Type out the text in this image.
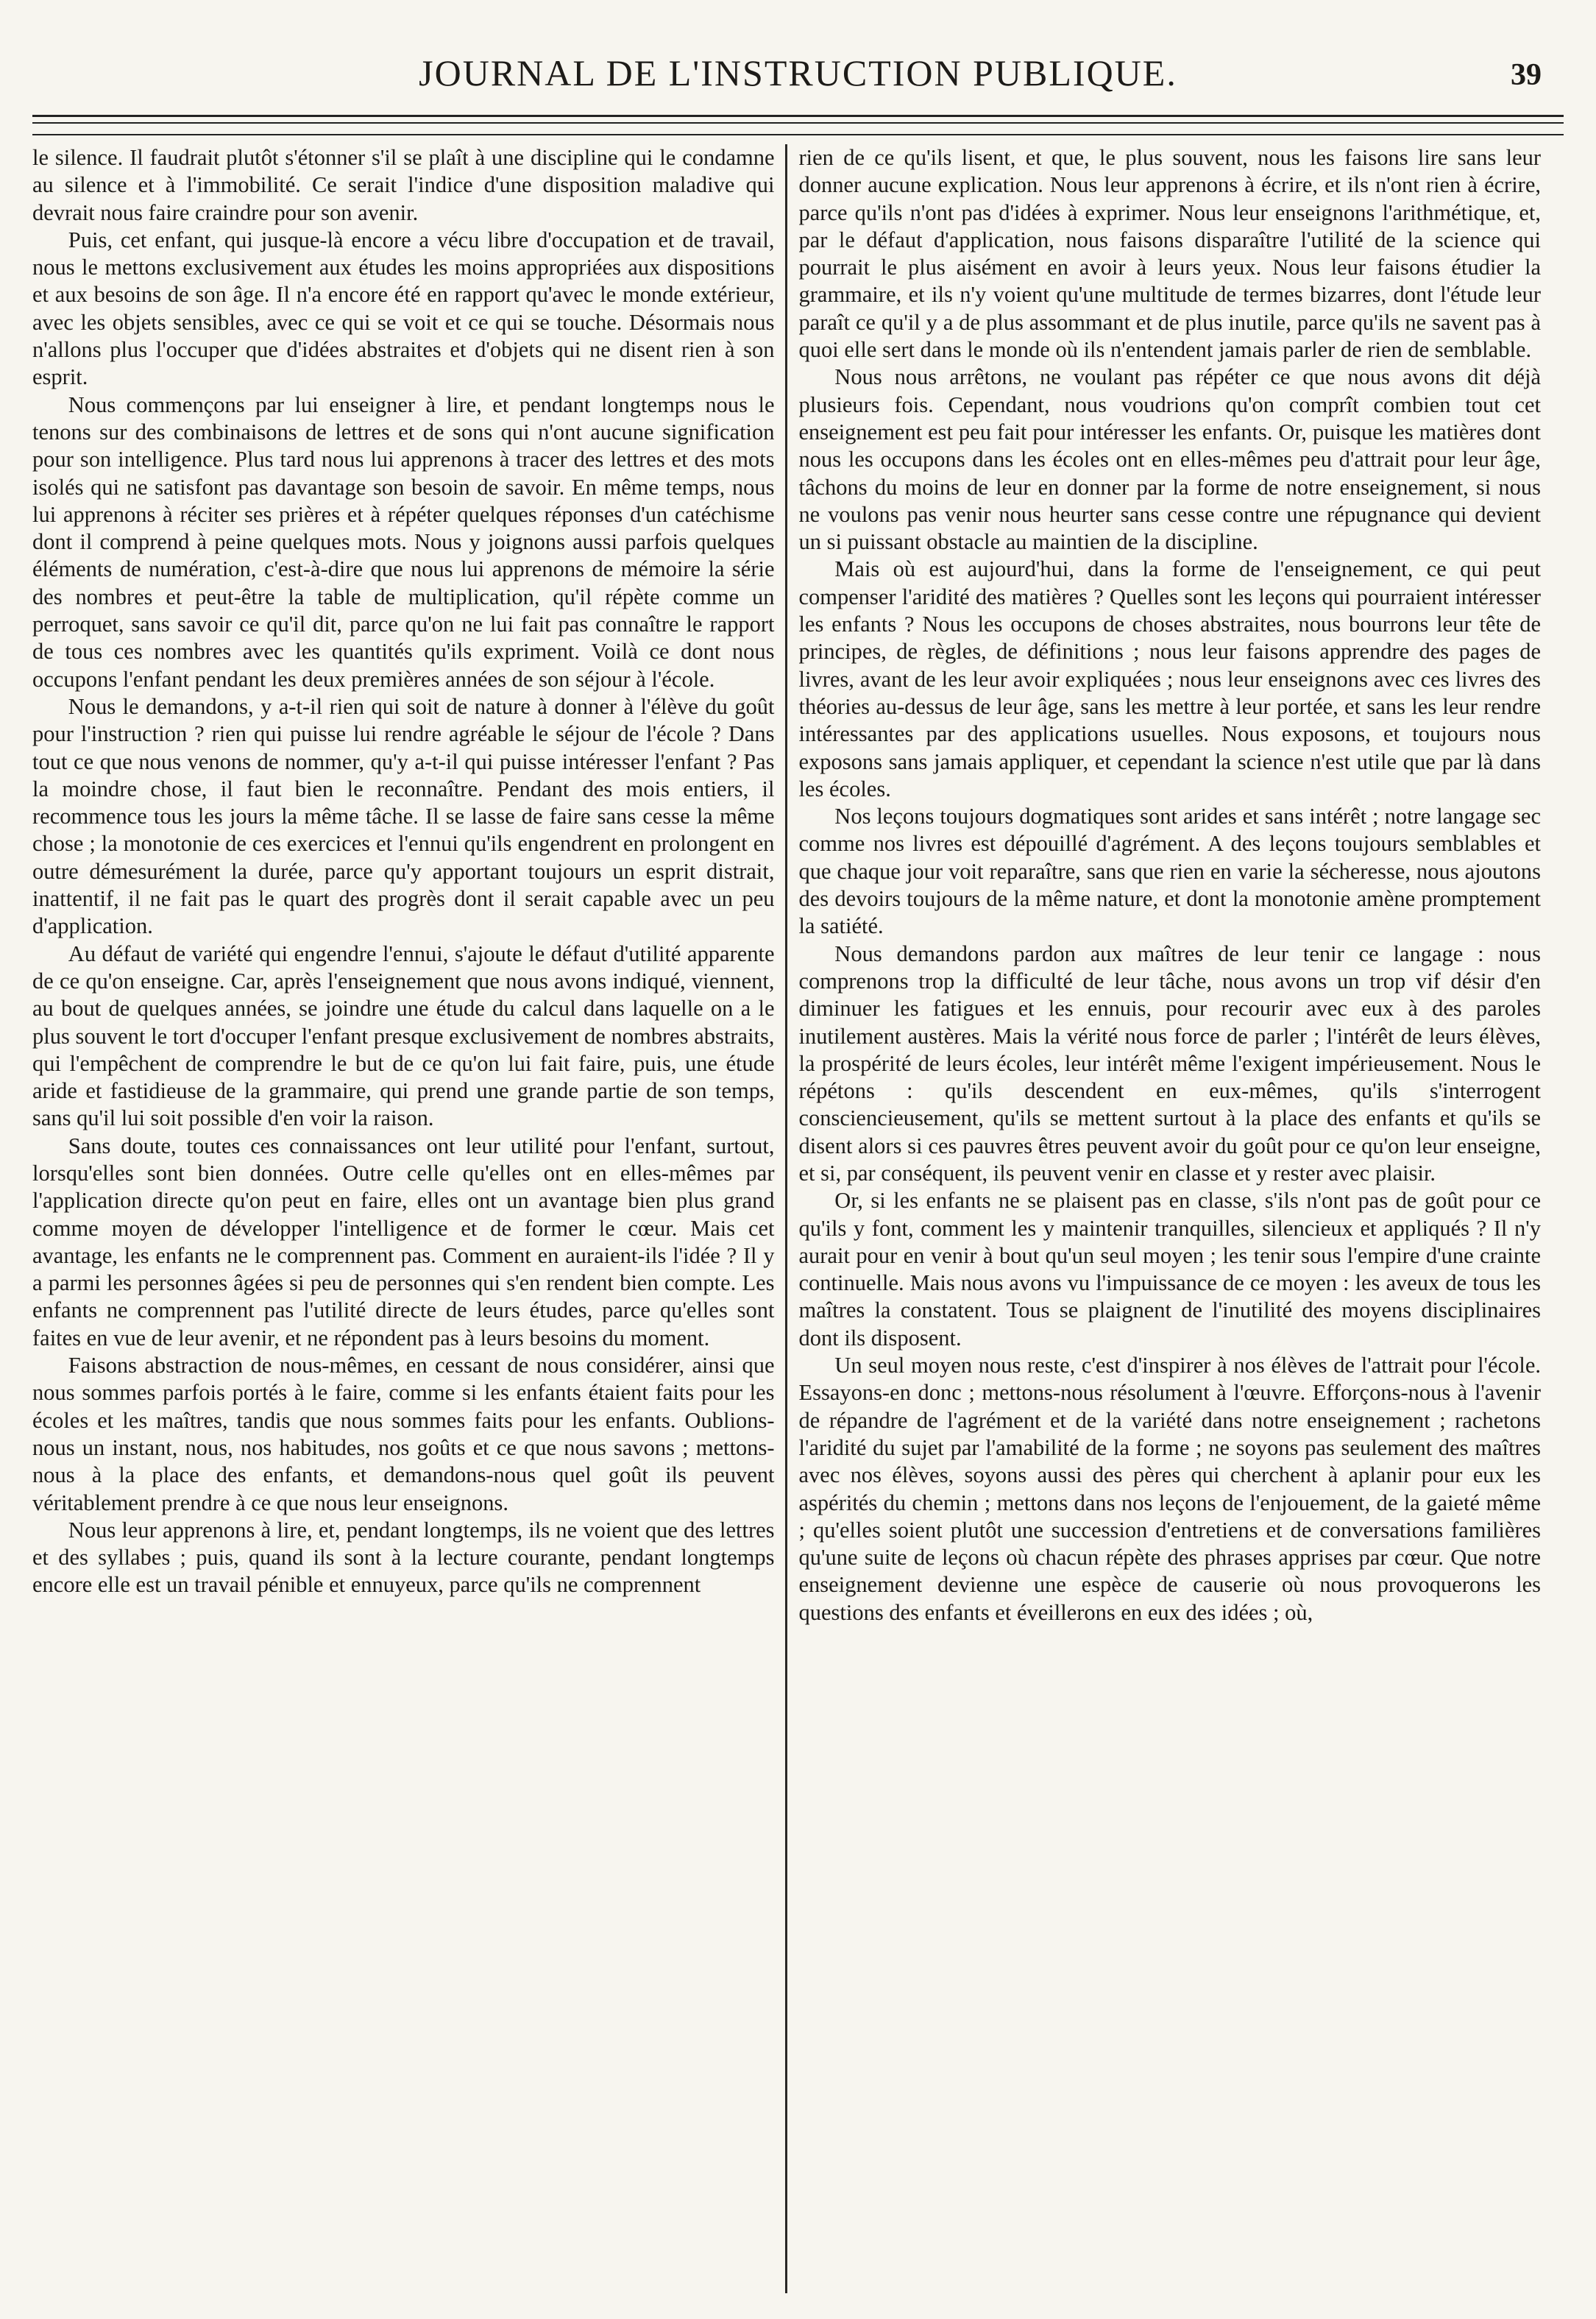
JOURNAL DE L'INSTRUCTION PUBLIQUE.	39

le silence. Il faudrait plutôt s'étonner s'il se plaît à une discipline qui le condamne au silence et à l'immobilité. Ce serait l'indice d'une disposition maladive qui devrait nous faire craindre pour son avenir.

Puis, cet enfant, qui jusque-là encore a vécu libre d'occupation et de travail, nous le mettons exclusivement aux études les moins appropriées aux dispositions et aux besoins de son âge. Il n'a encore été en rapport qu'avec le monde extérieur, avec les objets sensibles, avec ce qui se voit et ce qui se touche. Désormais nous n'allons plus l'occuper que d'idées abstraites et d'objets qui ne disent rien à son esprit.

Nous commençons par lui enseigner à lire, et pendant longtemps nous le tenons sur des combinaisons de lettres et de sons qui n'ont aucune signification pour son intelligence. Plus tard nous lui apprenons à tracer des lettres et des mots isolés qui ne satisfont pas davantage son besoin de savoir. En même temps, nous lui apprenons à réciter ses prières et à répéter quelques réponses d'un catéchisme dont il comprend à peine quelques mots. Nous y joignons aussi parfois quelques éléments de numération, c'est-à-dire que nous lui apprenons de mémoire la série des nombres et peut-être la table de multiplication, qu'il répète comme un perroquet, sans savoir ce qu'il dit, parce qu'on ne lui fait pas connaître le rapport de tous ces nombres avec les quantités qu'ils expriment. Voilà ce dont nous occupons l'enfant pendant les deux premières années de son séjour à l'école.

Nous le demandons, y a-t-il rien qui soit de nature à donner à l'élève du goût pour l'instruction ? rien qui puisse lui rendre agréable le séjour de l'école ? Dans tout ce que nous venons de nommer, qu'y a-t-il qui puisse intéresser l'enfant ? Pas la moindre chose, il faut bien le reconnaître. Pendant des mois entiers, il recommence tous les jours la même tâche. Il se lasse de faire sans cesse la même chose ; la monotonie de ces exercices et l'ennui qu'ils engendrent en prolongent en outre démesurément la durée, parce qu'y apportant toujours un esprit distrait, inattentif, il ne fait pas le quart des progrès dont il serait capable avec un peu d'application.

Au défaut de variété qui engendre l'ennui, s'ajoute le défaut d'utilité apparente de ce qu'on enseigne. Car, après l'enseignement que nous avons indiqué, viennent, au bout de quelques années, se joindre une étude du calcul dans laquelle on a le plus souvent le tort d'occuper l'enfant presque exclusivement de nombres abstraits, qui l'empêchent de comprendre le but de ce qu'on lui fait faire, puis, une étude aride et fastidieuse de la grammaire, qui prend une grande partie de son temps, sans qu'il lui soit possible d'en voir la raison.

Sans doute, toutes ces connaissances ont leur utilité pour l'enfant, surtout, lorsqu'elles sont bien données. Outre celle qu'elles ont en elles-mêmes par l'application directe qu'on peut en faire, elles ont un avantage bien plus grand comme moyen de développer l'intelligence et de former le cœur. Mais cet avantage, les enfants ne le comprennent pas. Comment en auraient-ils l'idée ? Il y a parmi les personnes âgées si peu de personnes qui s'en rendent bien compte. Les enfants ne comprennent pas l'utilité directe de leurs études, parce qu'elles sont faites en vue de leur avenir, et ne répondent pas à leurs besoins du moment.

Faisons abstraction de nous-mêmes, en cessant de nous considérer, ainsi que nous sommes parfois portés à le faire, comme si les enfants étaient faits pour les écoles et les maîtres, tandis que nous sommes faits pour les enfants. Oublions-nous un instant, nous, nos habitudes, nos goûts et ce que nous savons ; mettons-nous à la place des enfants, et demandons-nous quel goût ils peuvent véritablement prendre à ce que nous leur enseignons.

Nous leur apprenons à lire, et, pendant longtemps, ils ne voient que des lettres et des syllabes ; puis, quand ils sont à la lecture courante, pendant longtemps encore elle est un travail pénible et ennuyeux, parce qu'ils ne comprennent

rien de ce qu'ils lisent, et que, le plus souvent, nous les faisons lire sans leur donner aucune explication. Nous leur apprenons à écrire, et ils n'ont rien à écrire, parce qu'ils n'ont pas d'idées à exprimer. Nous leur enseignons l'arithmétique, et, par le défaut d'application, nous faisons disparaître l'utilité de la science qui pourrait le plus aisément en avoir à leurs yeux. Nous leur faisons étudier la grammaire, et ils n'y voient qu'une multitude de termes bizarres, dont l'étude leur paraît ce qu'il y a de plus assommant et de plus inutile, parce qu'ils ne savent pas à quoi elle sert dans le monde où ils n'entendent jamais parler de rien de semblable.

Nous nous arrêtons, ne voulant pas répéter ce que nous avons dit déjà plusieurs fois. Cependant, nous voudrions qu'on comprît combien tout cet enseignement est peu fait pour intéresser les enfants. Or, puisque les matières dont nous les occupons dans les écoles ont en elles-mêmes peu d'attrait pour leur âge, tâchons du moins de leur en donner par la forme de notre enseignement, si nous ne voulons pas venir nous heurter sans cesse contre une répugnance qui devient un si puissant obstacle au maintien de la discipline.

Mais où est aujourd'hui, dans la forme de l'enseignement, ce qui peut compenser l'aridité des matières ? Quelles sont les leçons qui pourraient intéresser les enfants ? Nous les occupons de choses abstraites, nous bourrons leur tête de principes, de règles, de définitions ; nous leur faisons apprendre des pages de livres, avant de les leur avoir expliquées ; nous leur enseignons avec ces livres des théories au-dessus de leur âge, sans les mettre à leur portée, et sans les leur rendre intéressantes par des applications usuelles. Nous exposons, et toujours nous exposons sans jamais appliquer, et cependant la science n'est utile que par là dans les écoles.

Nos leçons toujours dogmatiques sont arides et sans intérêt ; notre langage sec comme nos livres est dépouillé d'agrément. A des leçons toujours semblables et que chaque jour voit reparaître, sans que rien en varie la sécheresse, nous ajoutons des devoirs toujours de la même nature, et dont la monotonie amène promptement la satiété.

Nous demandons pardon aux maîtres de leur tenir ce langage : nous comprenons trop la difficulté de leur tâche, nous avons un trop vif désir d'en diminuer les fatigues et les ennuis, pour recourir avec eux à des paroles inutilement austères. Mais la vérité nous force de parler ; l'intérêt de leurs élèves, la prospérité de leurs écoles, leur intérêt même l'exigent impérieusement. Nous le répétons : qu'ils descendent en eux-mêmes, qu'ils s'interrogent consciencieusement, qu'ils se mettent surtout à la place des enfants et qu'ils se disent alors si ces pauvres êtres peuvent avoir du goût pour ce qu'on leur enseigne, et si, par conséquent, ils peuvent venir en classe et y rester avec plaisir.

Or, si les enfants ne se plaisent pas en classe, s'ils n'ont pas de goût pour ce qu'ils y font, comment les y maintenir tranquilles, silencieux et appliqués ? Il n'y aurait pour en venir à bout qu'un seul moyen ; les tenir sous l'empire d'une crainte continuelle. Mais nous avons vu l'impuissance de ce moyen : les aveux de tous les maîtres la constatent. Tous se plaignent de l'inutilité des moyens disciplinaires dont ils disposent.

Un seul moyen nous reste, c'est d'inspirer à nos élèves de l'attrait pour l'école. Essayons-en donc ; mettons-nous résolument à l'œuvre. Efforçons-nous à l'avenir de répandre de l'agrément et de la variété dans notre enseignement ; rachetons l'aridité du sujet par l'amabilité de la forme ; ne soyons pas seulement des maîtres avec nos élèves, soyons aussi des pères qui cherchent à aplanir pour eux les aspérités du chemin ; mettons dans nos leçons de l'enjouement, de la gaieté même ; qu'elles soient plutôt une succession d'entretiens et de conversations familières qu'une suite de leçons où chacun répète des phrases apprises par cœur. Que notre enseignement devienne une espèce de causerie où nous provoquerons les questions des enfants et éveillerons en eux des idées ; où,
